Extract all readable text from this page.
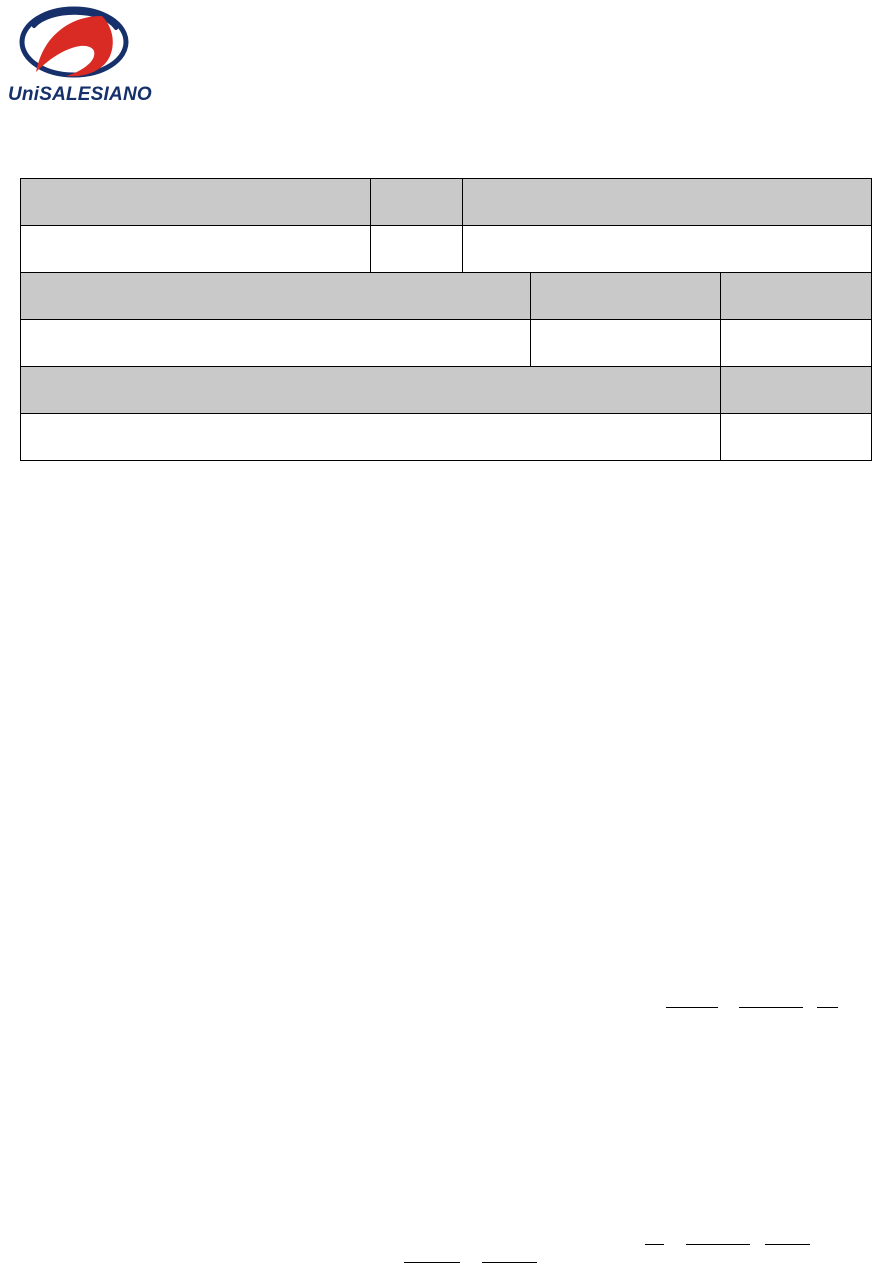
UniSALESIANO
